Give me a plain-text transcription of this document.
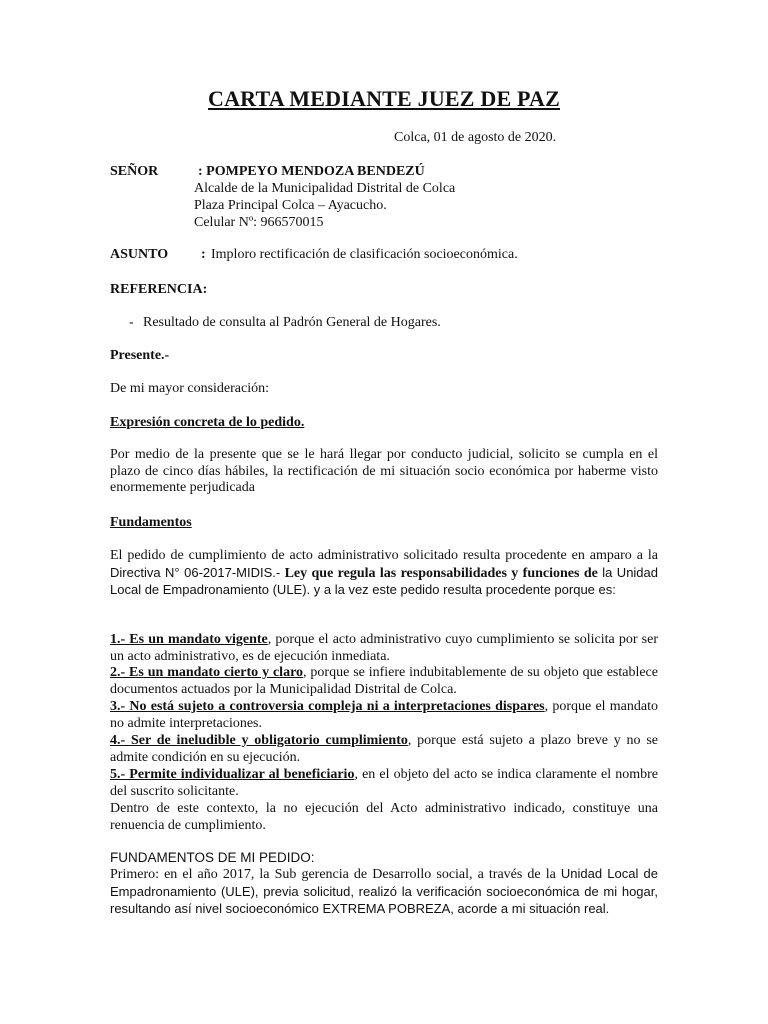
CARTA MEDIANTE JUEZ DE PAZ
Colca, 01 de agosto de 2020.
SEÑOR	: POMPEYO MENDOZA BENDEZÚ
Alcalde de la Municipalidad Distrital de Colca
Plaza Principal Colca – Ayacucho.
Celular Nº: 966570015
ASUNTO : Imploro rectificación de clasificación socioeconómica.
REFERENCIA:
- Resultado de consulta al Padrón General de Hogares.
Presente.-
De mi mayor consideración:
Expresión concreta de lo pedido.
Por medio de la presente que se le hará llegar por conducto judicial, solicito se cumpla en el plazo de cinco días hábiles, la rectificación de mi situación socio económica por haberme visto enormemente perjudicada
Fundamentos
El pedido de cumplimiento de acto administrativo solicitado resulta procedente en amparo a la Directiva N° 06-2017-MIDIS.- Ley que regula las responsabilidades y funciones de la Unidad Local de Empadronamiento (ULE). y a la vez este pedido resulta procedente porque es:
1.- Es un mandato vigente, porque el acto administrativo cuyo cumplimiento se solicita por ser un acto administrativo, es de ejecución inmediata.
2.- Es un mandato cierto y claro, porque se infiere indubitablemente de su objeto que establece documentos actuados por la Municipalidad Distrital de Colca.
3.- No está sujeto a controversia compleja ni a interpretaciones dispares, porque el mandato no admite interpretaciones.
4.- Ser de ineludible y obligatorio cumplimiento, porque está sujeto a plazo breve y no se admite condición en su ejecución.
5.- Permite individualizar al beneficiario, en el objeto del acto se indica claramente el nombre del suscrito solicitante.
Dentro de este contexto, la no ejecución del Acto administrativo indicado, constituye una renuencia de cumplimiento.
FUNDAMENTOS DE MI PEDIDO:
Primero: en el año 2017, la Sub gerencia de Desarrollo social, a través de la Unidad Local de Empadronamiento (ULE), previa solicitud, realizó la verificación socioeconómica de mi hogar, resultando así nivel socioeconómico EXTREMA POBREZA, acorde a mi situación real.
